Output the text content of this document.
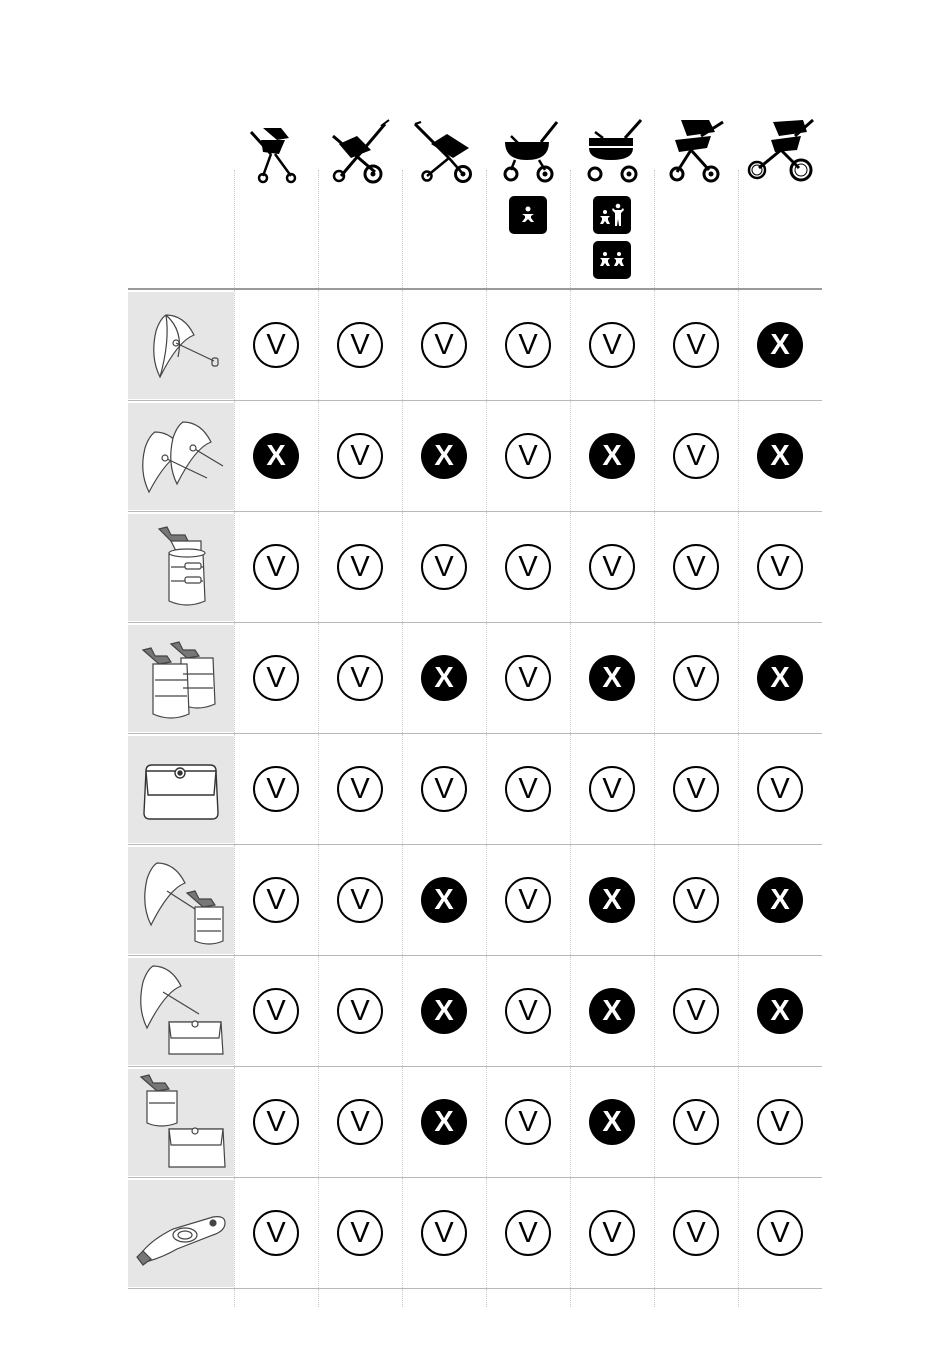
V	V	V	V	V	V	X
X	V	X	V	X	V	X
V	V	V	V	V	V	V
V	V	X	V	X	V	X
V	V	V	V	V	V	V
V	V	X	V	X	V	X
V	V	X	V	X	V	X
V	V	X	V	X	V	V
V	V	V	V	V	V	V
